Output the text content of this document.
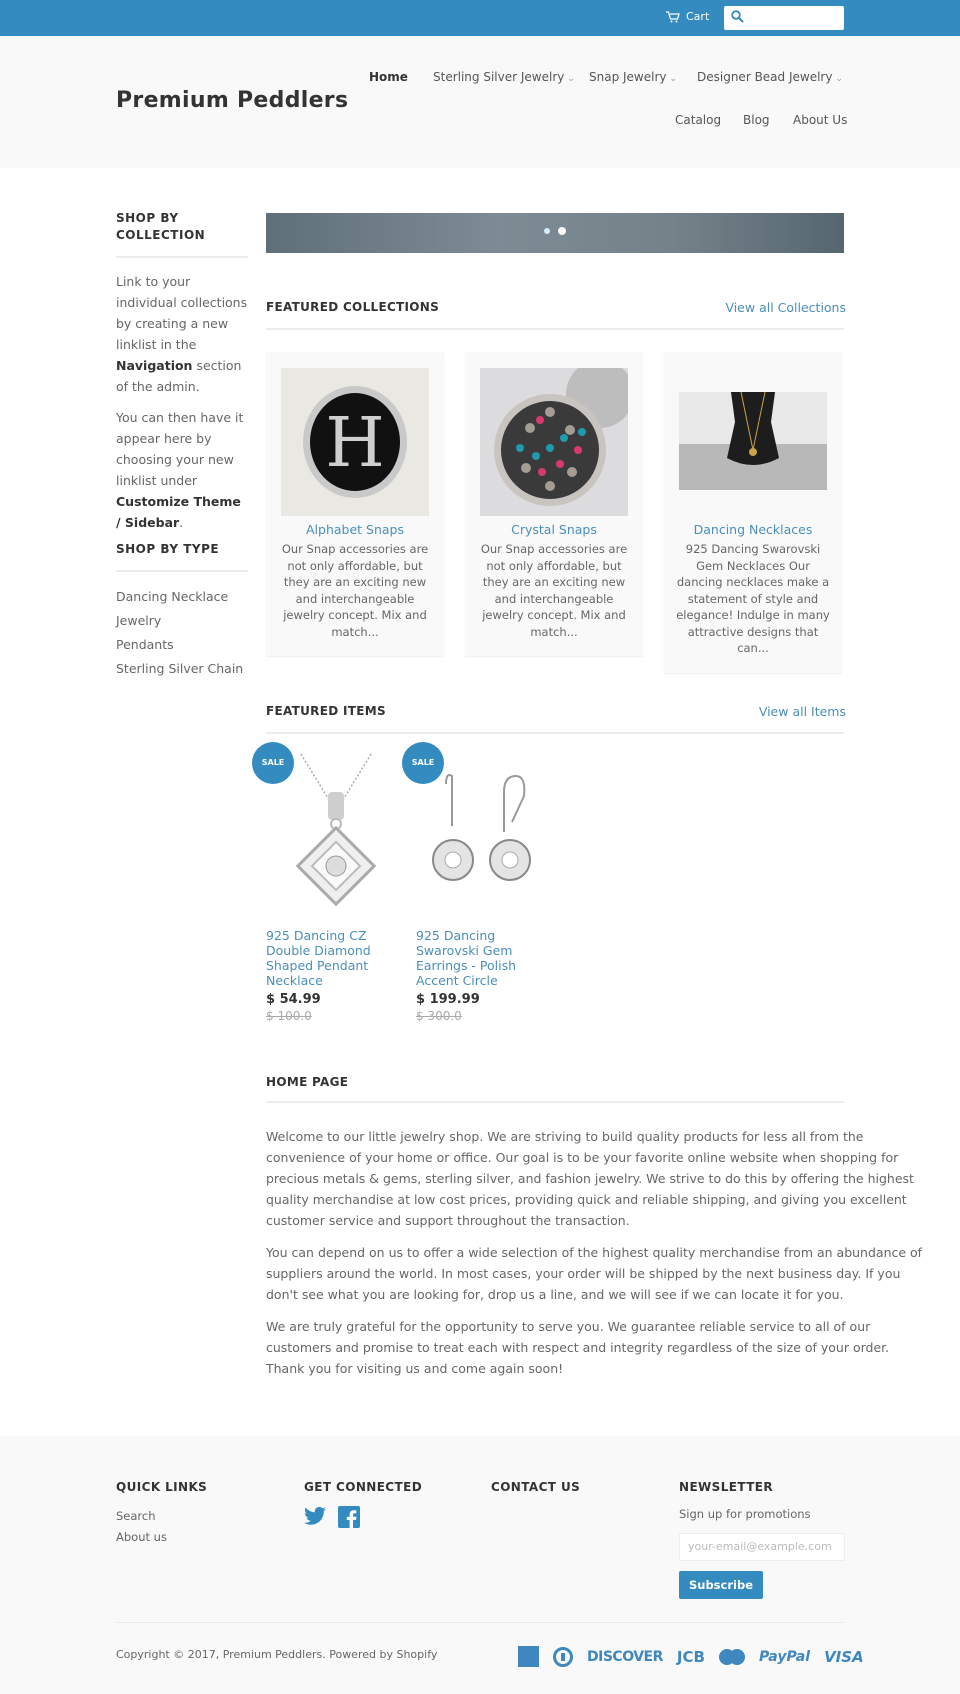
Cart
Premium Peddlers
Home Sterling Silver Jewelry ⌄ Snap Jewelry ⌄ Designer Bead Jewelry ⌄
Catalog Blog About Us
SHOP BY COLLECTION

Link to your individual collections by creating a new linklist in the Navigation section of the admin.

You can then have it appear here by choosing your new linklist under Customize Theme / Sidebar.

SHOP BY TYPE
Dancing Necklace
Jewelry
Pendants
Sterling Silver Chain
FEATURED COLLECTIONS	View all Collections
H
Alphabet Snaps
Our Snap accessories are not only affordable, but they are an exciting new and interchangeable jewelry concept. Mix and match...
Crystal Snaps
Our Snap accessories are not only affordable, but they are an exciting new and interchangeable jewelry concept. Mix and match...
Dancing Necklaces
925 Dancing Swarovski Gem Necklaces Our dancing necklaces make a statement of style and elegance! Indulge in many attractive designs that can...
FEATURED ITEMS	View all Items
SALE
925 Dancing CZ Double Diamond Shaped Pendant Necklace
$ 54.99
$ 100.0
SALE
925 Dancing Swarovski Gem Earrings - Polish Accent Circle
$ 199.99
$ 300.0
HOME PAGE

Welcome to our little jewelry shop. We are striving to build quality products for less all from the convenience of your home or office. Our goal is to be your favorite online website when shopping for precious metals & gems, sterling silver, and fashion jewelry. We strive to do this by offering the highest quality merchandise at low cost prices, providing quick and reliable shipping, and giving you excellent customer service and support throughout the transaction.

You can depend on us to offer a wide selection of the highest quality merchandise from an abundance of suppliers around the world. In most cases, your order will be shipped by the next business day. If you don't see what you are looking for, drop us a line, and we will see if we can locate it for you.

We are truly grateful for the opportunity to serve you. We guarantee reliable service to all of our customers and promise to treat each with respect and integrity regardless of the size of your order. Thank you for visiting us and come again soon!

QUICK LINKS
Search
About us
GET CONNECTED	CONTACT US	NEWSLETTER
Sign up for promotions
your-email@example.com
Subscribe
Copyright © 2017, Premium Peddlers. Powered by Shopify	DISCOVER JCB	PayPal VISA
